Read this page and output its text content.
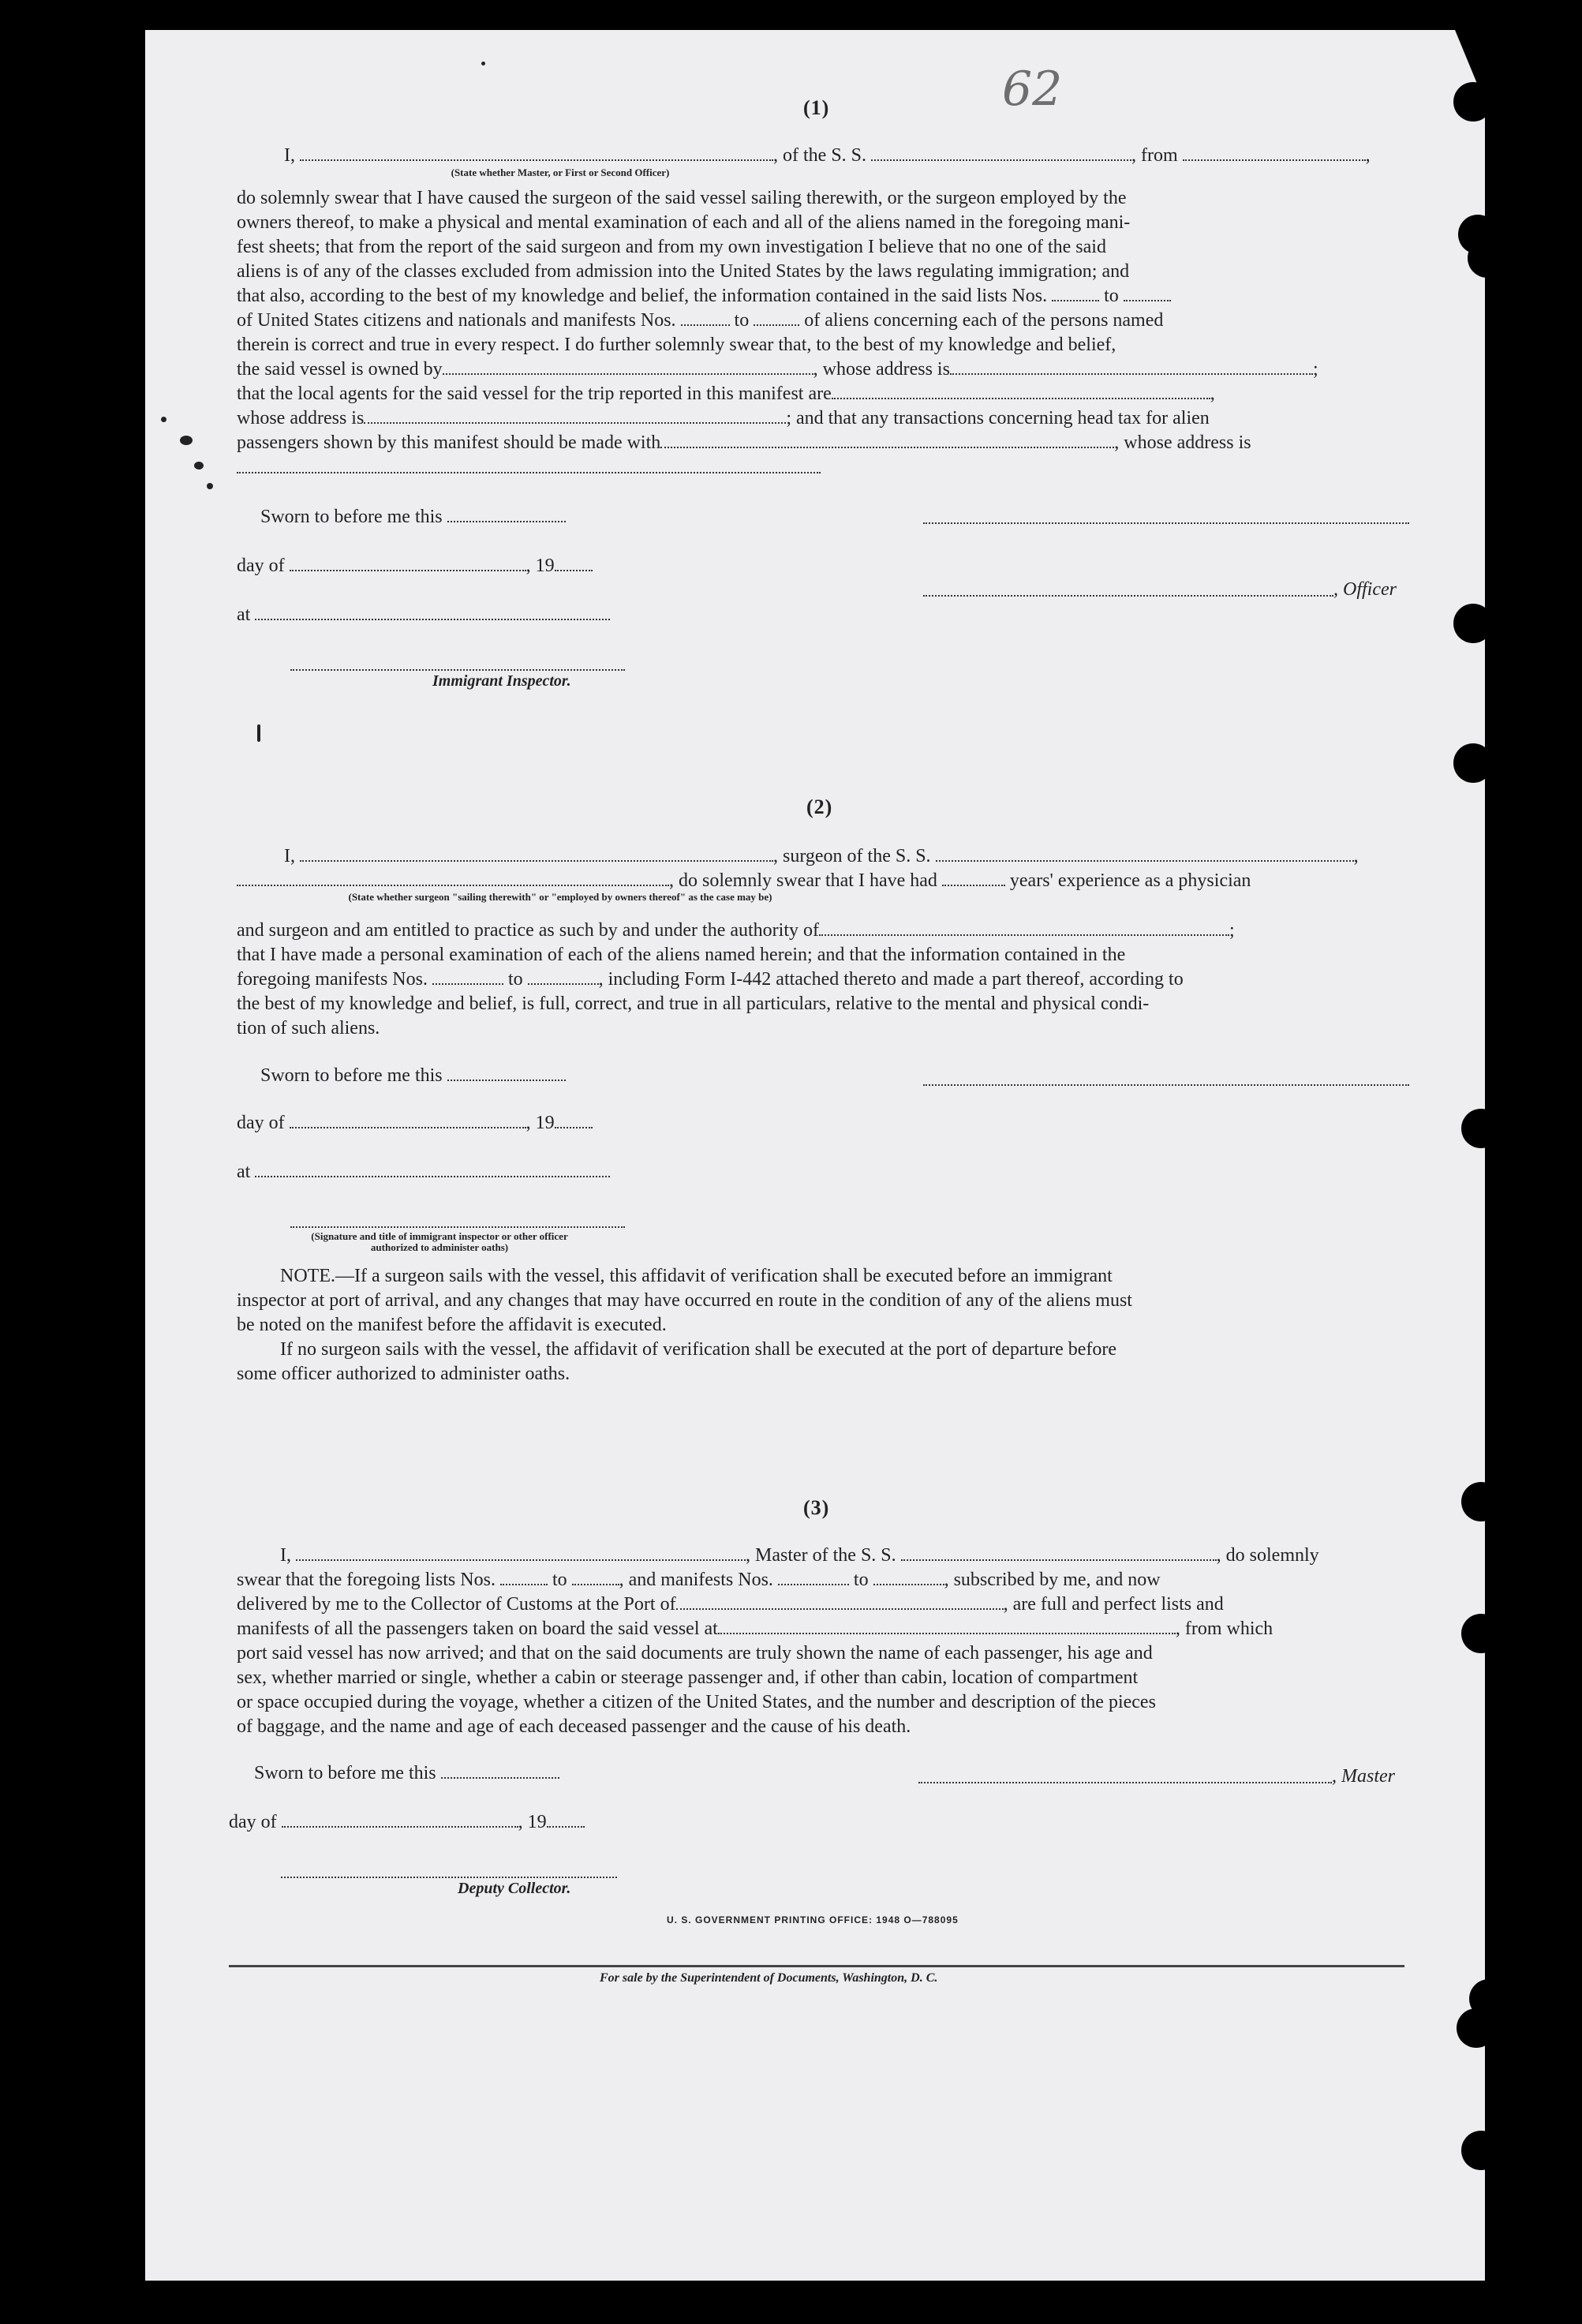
62
(1)
I,	, of the S. S.	, from	,
(State whether Master, or First or Second Officer)
do solemnly swear that I have caused the surgeon of the said vessel sailing therewith, or the surgeon employed by the
owners thereof, to make a physical and mental examination of each and all of the aliens named in the foregoing mani-
fest sheets; that from the report of the said surgeon and from my own investigation I believe that no one of the said
aliens is of any of the classes excluded from admission into the United States by the laws regulating immigration; and
that also, according to the best of my knowledge and belief, the information contained in the said lists Nos.	to
of United States citizens and nationals and manifests Nos.	to	of aliens concerning each of the persons named
therein is correct and true in every respect. I do further solemnly swear that, to the best of my knowledge and belief,
the said vessel is owned by	, whose address is	;
that the local agents for the said vessel for the trip reported in this manifest are	,
whose address is	; and that any transactions concerning head tax for alien
passengers shown by this manifest should be made with	, whose address is
Sworn to before me this
day of	, 19
, Officer
at
Immigrant Inspector.
(2)
I,	, surgeon of the S. S.	,
, do solemnly swear that I have had	years' experience as a physician
(State whether surgeon "sailing therewith" or "employed by owners thereof" as the case may be)
and surgeon and am entitled to practice as such by and under the authority of	;
that I have made a personal examination of each of the aliens named herein; and that the information contained in the
foregoing manifests Nos.	to	, including Form I-442 attached thereto and made a part thereof, according to
the best of my knowledge and belief, is full, correct, and true in all particulars, relative to the mental and physical condi-
tion of such aliens.
Sworn to before me this
day of	, 19
at
(Signature and title of immigrant inspector or other officer authorized to administer oaths)
NOTE.—If a surgeon sails with the vessel, this affidavit of verification shall be executed before an immigrant
inspector at port of arrival, and any changes that may have occurred en route in the condition of any of the aliens must
be noted on the manifest before the affidavit is executed.
If no surgeon sails with the vessel, the affidavit of verification shall be executed at the port of departure before
some officer authorized to administer oaths.
(3)
I,	, Master of the S. S.	, do solemnly
swear that the foregoing lists Nos.	to	, and manifests Nos.	to	, subscribed by me, and now
delivered by me to the Collector of Customs at the Port of	, are full and perfect lists and
manifests of all the passengers taken on board the said vessel at	, from which
port said vessel has now arrived; and that on the said documents are truly shown the name of each passenger, his age and
sex, whether married or single, whether a cabin or steerage passenger and, if other than cabin, location of compartment
or space occupied during the voyage, whether a citizen of the United States, and the number and description of the pieces
of baggage, and the name and age of each deceased passenger and the cause of his death.
Sworn to before me this	, Master
day of	, 19
Deputy Collector.
U. S. GOVERNMENT PRINTING OFFICE: 1948 O—788095
For sale by the Superintendent of Documents, Washington, D. C.
